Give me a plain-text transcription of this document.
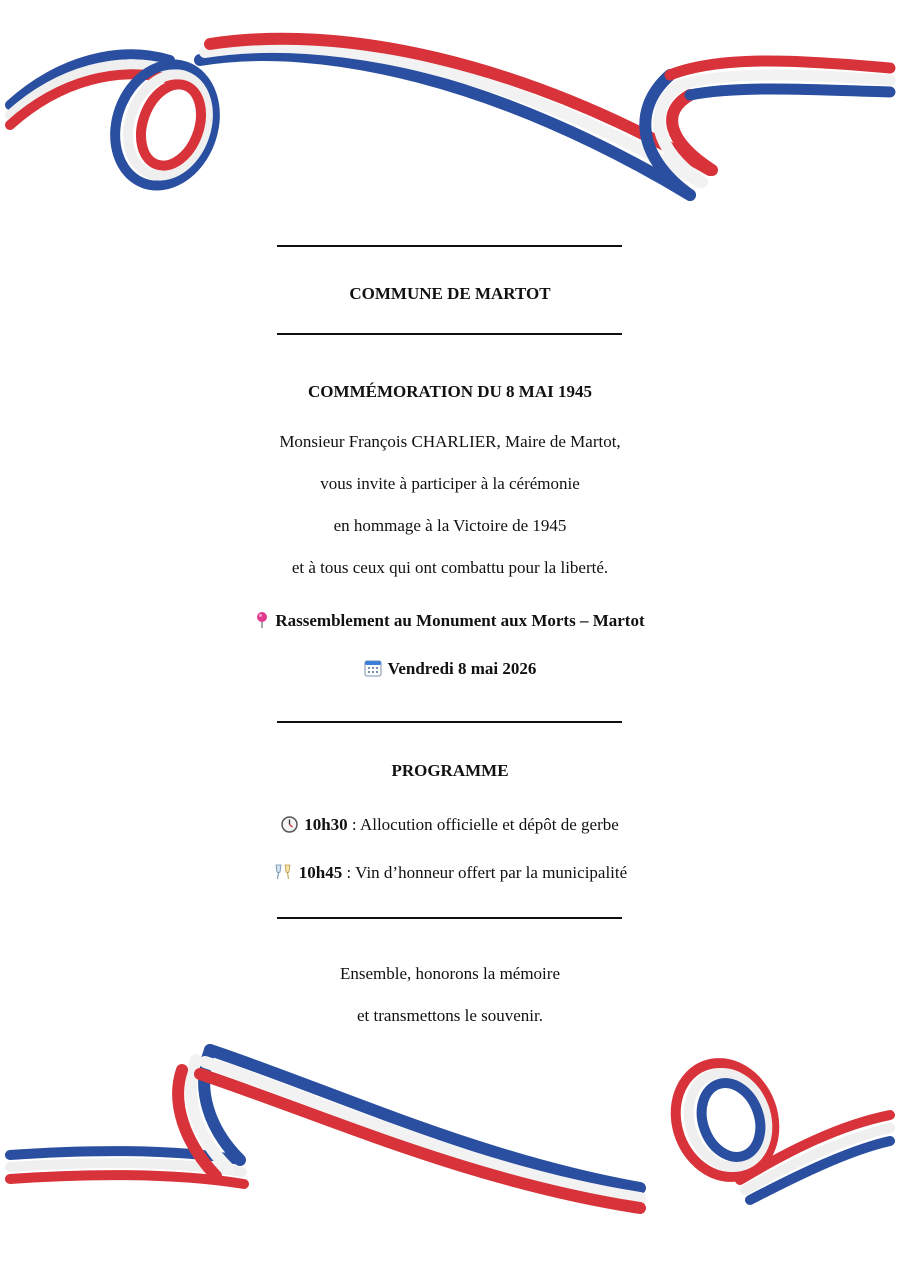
COMMUNE DE MARTOT
COMMÉMORATION DU 8 MAI 1945
Monsieur François CHARLIER, Maire de Martot,
vous invite à participer à la cérémonie
en hommage à la Victoire de 1945
et à tous ceux qui ont combattu pour la liberté.
Rassemblement au Monument aux Morts – Martot
Vendredi 8 mai 2026
PROGRAMME
10h30 : Allocution officielle et dépôt de gerbe
10h45 : Vin d’honneur offert par la municipalité
Ensemble, honorons la mémoire
et transmettons le souvenir.
